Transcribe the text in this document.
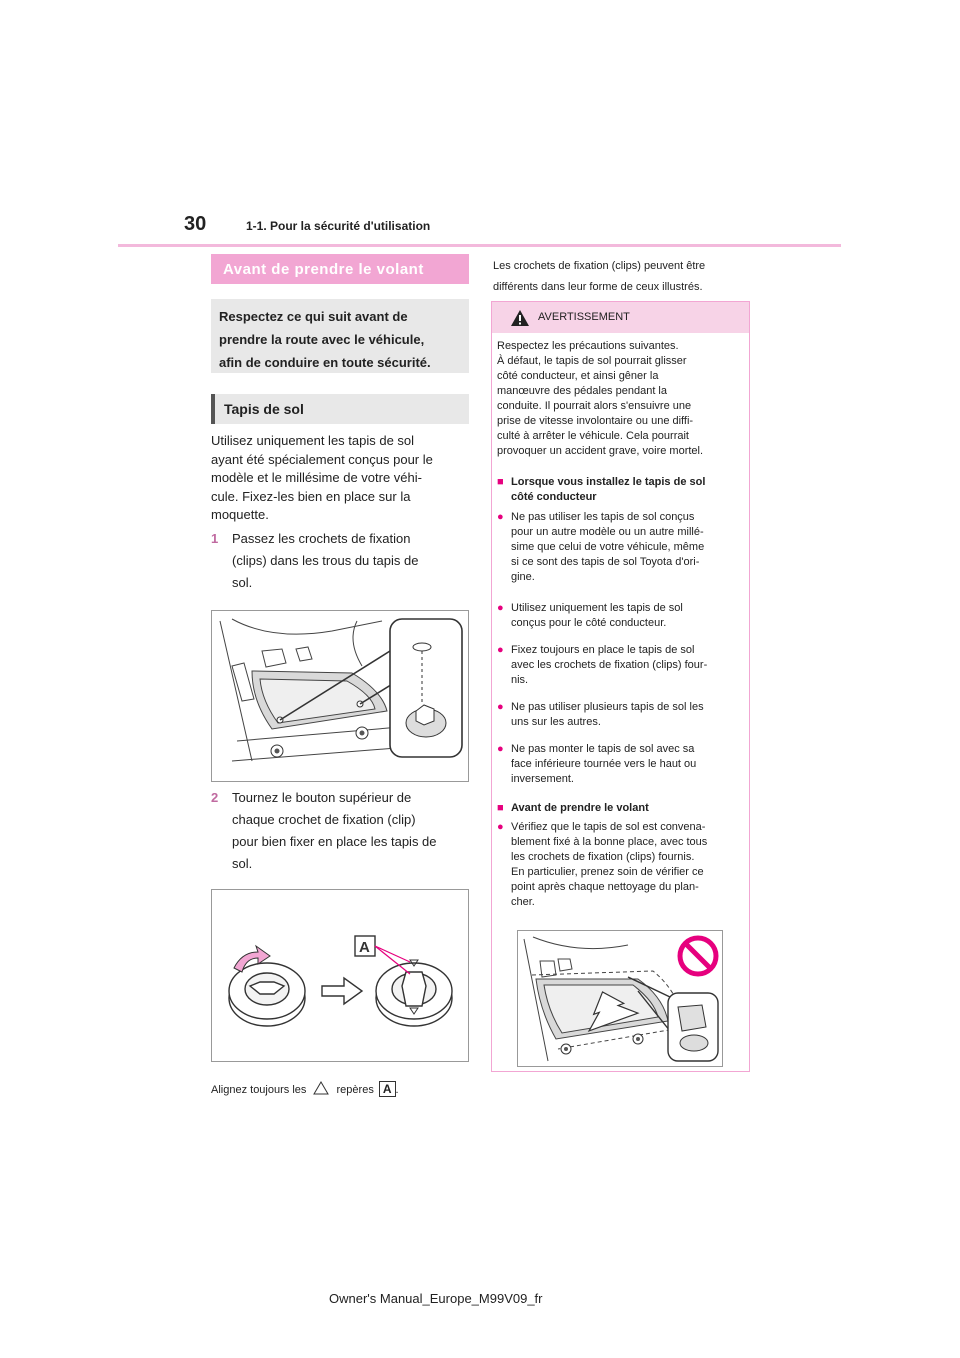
30	1-1. Pour la sécurité d'utilisation
Avant de prendre le volant
Respectez ce qui suit avant de
prendre la route avec le véhicule,
afin de conduire en toute sécurité.
Tapis de sol
Utilisez uniquement les tapis de sol
ayant été spécialement conçus pour le
modèle et le millésime de votre véhi-
cule. Fixez-les bien en place sur la
moquette.
1 Passez les crochets de fixation
(clips) dans les trous du tapis de
sol.
2 Tournez le bouton supérieur de
chaque crochet de fixation (clip)
pour bien fixer en place les tapis de
sol.
A
Alignez toujours les	repères A .
Les crochets de fixation (clips) peuvent être
différents dans leur forme de ceux illustrés.
AVERTISSEMENT
Respectez les précautions suivantes.
À défaut, le tapis de sol pourrait glisser
côté conducteur, et ainsi gêner la
manœuvre des pédales pendant la
conduite. Il pourrait alors s'ensuivre une
prise de vitesse involontaire ou une diffi-
culté à arrêter le véhicule. Cela pourrait
provoquer un accident grave, voire mortel.
■ Lorsque vous installez le tapis de sol
côté conducteur
● Ne pas utiliser les tapis de sol conçus
pour un autre modèle ou un autre millé-
sime que celui de votre véhicule, même
si ce sont des tapis de sol Toyota d'ori-
gine.
● Utilisez uniquement les tapis de sol
conçus pour le côté conducteur.
● Fixez toujours en place le tapis de sol
avec les crochets de fixation (clips) four-
nis.
● Ne pas utiliser plusieurs tapis de sol les
uns sur les autres.
● Ne pas monter le tapis de sol avec sa
face inférieure tournée vers le haut ou
inversement.
■ Avant de prendre le volant
● Vérifiez que le tapis de sol est convena-
blement fixé à la bonne place, avec tous
les crochets de fixation (clips) fournis.
En particulier, prenez soin de vérifier ce
point après chaque nettoyage du plan-
cher.
Owner's Manual_Europe_M99V09_fr
